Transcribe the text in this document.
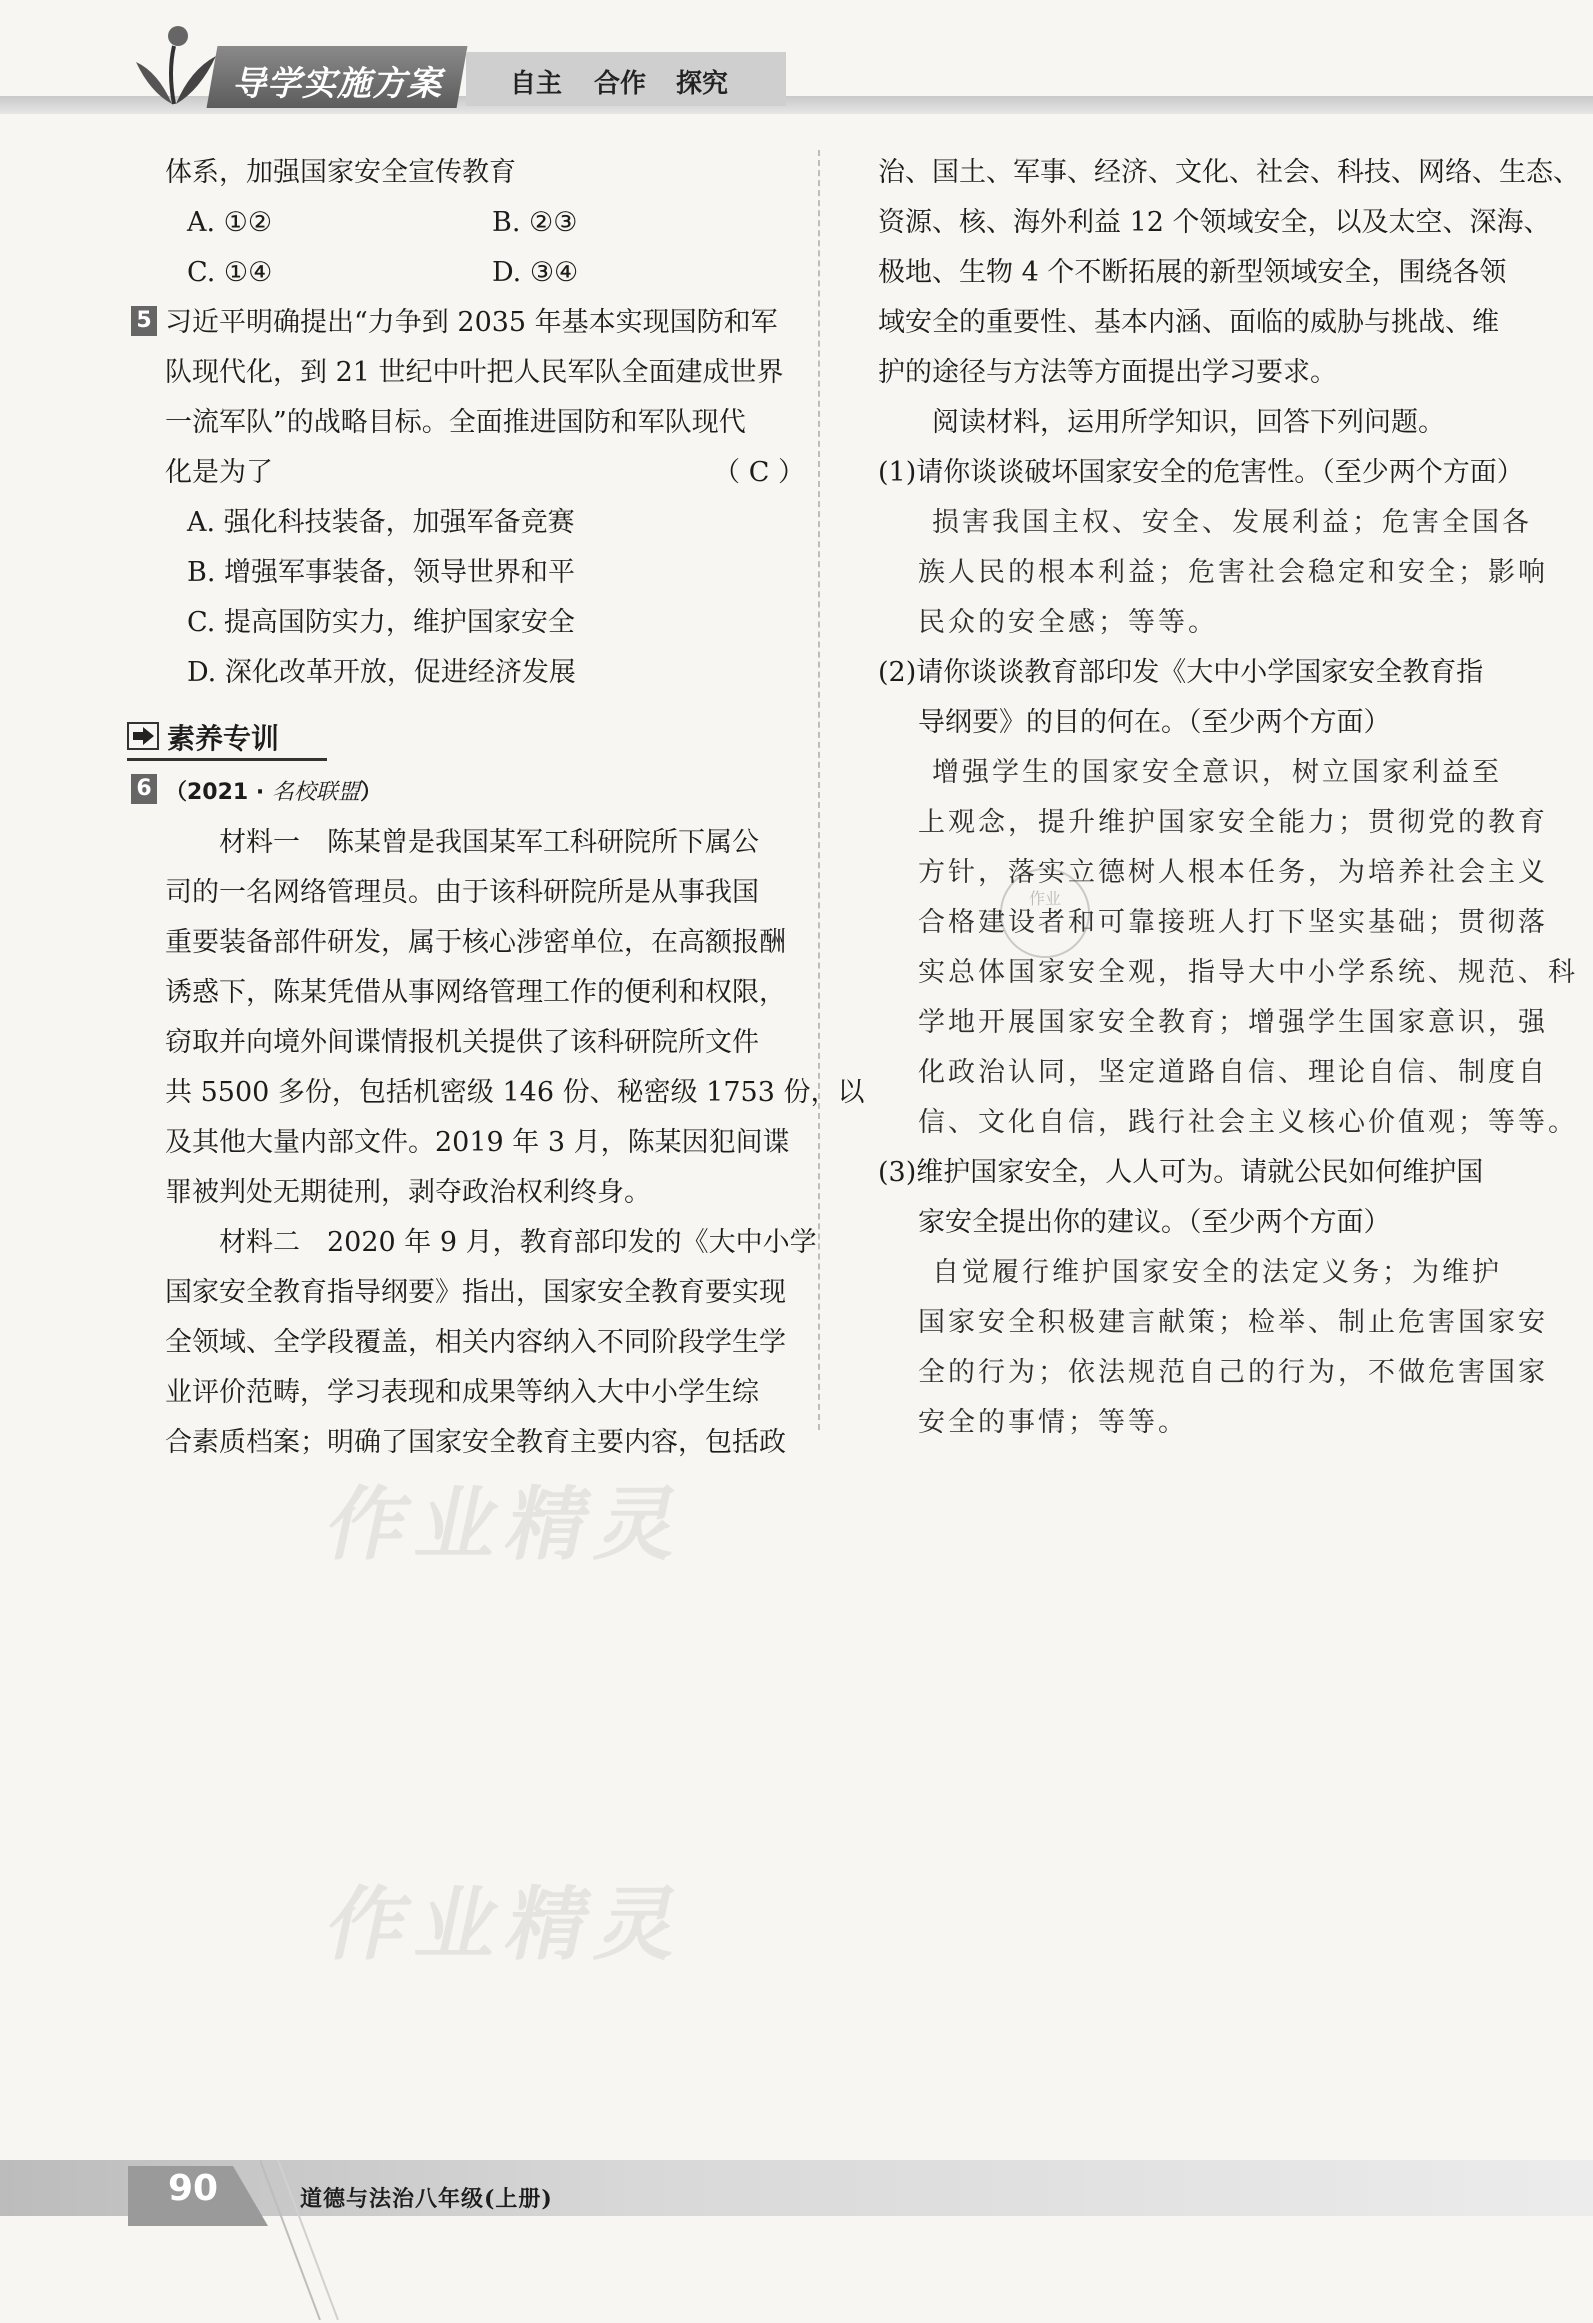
导学实施方案	自主 合作 探究
作业精灵
作业精灵
作业
体系，加强国家安全宣传教育
A. ①②	B. ②③
C. ①④	D. ③④
5 习近平明确提出“力争到 2035 年基本实现国防和军
队现代化，到 21 世纪中叶把人民军队全面建成世界
一流军队”的战略目标。全面推进国防和军队现代
化是为了	（ C ）
A. 强化科技装备，加强军备竞赛
B. 增强军事装备，领导世界和平
C. 提高国防实力，维护国家安全
D. 深化改革开放，促进经济发展
素养专训
6 （2021 · 名校联盟）
材料一　陈某曾是我国某军工科研院所下属公
司的一名网络管理员。由于该科研院所是从事我国
重要装备部件研发，属于核心涉密单位，在高额报酬
诱惑下，陈某凭借从事网络管理工作的便利和权限，
窃取并向境外间谍情报机关提供了该科研院所文件
共 5500 多份，包括机密级 146 份、秘密级 1753 份，以
及其他大量内部文件。2019 年 3 月，陈某因犯间谍
罪被判处无期徒刑，剥夺政治权利终身。
材料二　2020 年 9 月，教育部印发的《大中小学
国家安全教育指导纲要》指出，国家安全教育要实现
全领域、全学段覆盖，相关内容纳入不同阶段学生学
业评价范畴，学习表现和成果等纳入大中小学生综
合素质档案；明确了国家安全教育主要内容，包括政
治、国土、军事、经济、文化、社会、科技、网络、生态、
资源、核、海外利益 12 个领域安全，以及太空、深海、
极地、生物 4 个不断拓展的新型领域安全，围绕各领
域安全的重要性、基本内涵、面临的威胁与挑战、维
护的途径与方法等方面提出学习要求。
阅读材料，运用所学知识，回答下列问题。
(1)请你谈谈破坏国家安全的危害性。（至少两个方面）
损害我国主权、安全、发展利益；危害全国各
族人民的根本利益；危害社会稳定和安全；影响
民众的安全感；等等。
(2)请你谈谈教育部印发《大中小学国家安全教育指
导纲要》的目的何在。（至少两个方面）
增强学生的国家安全意识，树立国家利益至
上观念，提升维护国家安全能力；贯彻党的教育
方针，落实立德树人根本任务，为培养社会主义
合格建设者和可靠接班人打下坚实基础；贯彻落
实总体国家安全观，指导大中小学系统、规范、科
学地开展国家安全教育；增强学生国家意识，强
化政治认同，坚定道路自信、理论自信、制度自
信、文化自信，践行社会主义核心价值观；等等。
(3)维护国家安全，人人可为。请就公民如何维护国
家安全提出你的建议。（至少两个方面）
自觉履行维护国家安全的法定义务；为维护
国家安全积极建言献策；检举、制止危害国家安
全的行为；依法规范自己的行为，不做危害国家
安全的事情；等等。
90	道德与法治八年级(上册)
